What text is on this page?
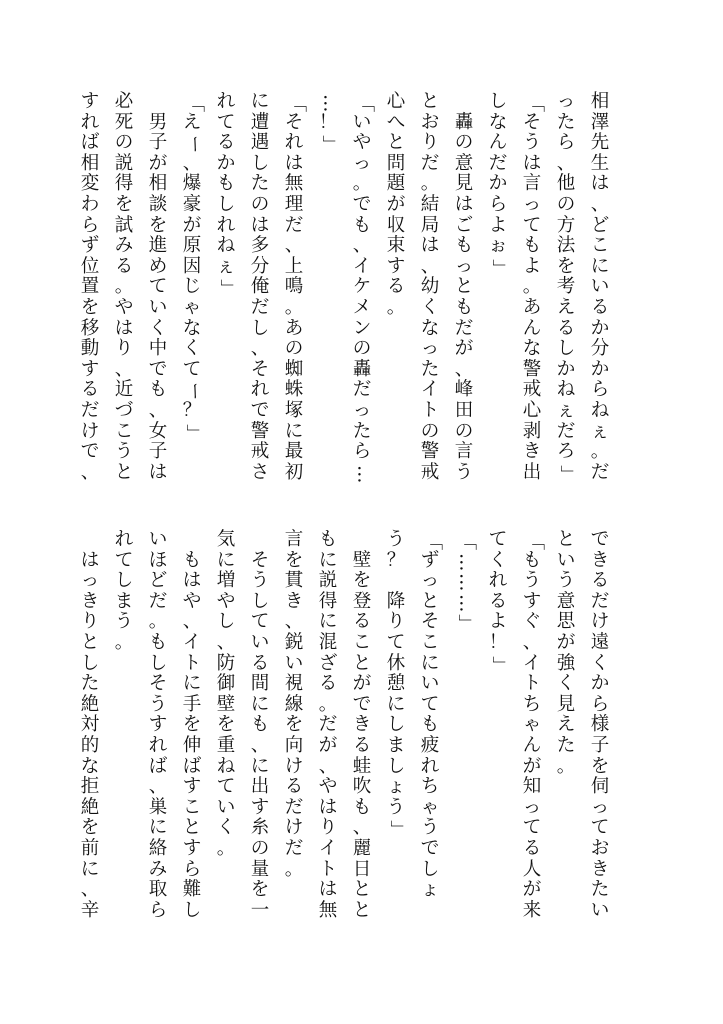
相
澤
先
生
は
、
ど
こ
に
い
る
か
分
か
ら
ね
ぇ
。
だ
っ
た
ら
、
他
の
方
法
を
考
え
る
し
か
ね
ぇ
だ
ろ
」
「
そ
う
は
言
っ
て
も
よ
。
あ
ん
な
警
戒
心
剥
き
出
し
な
ん
だ
か
ら
よ
ぉ
」

轟
の
意
見
は
ご
も
っ
と
も
だ
が
、
峰
田
の
言
う
と
お
り
だ
。
結
局
は
、
幼
く
な
っ
た
イ
ト
の
警
戒
心
へ
と
問
題
が
収
束
す
る
。
「
い
や
っ
。
で
も
、
イ
ケ
メ
ン
の
轟
だ
っ
た
ら
…
…
！
」
「
そ
れ
は
無
理
だ
、
上
鳴
。
あ
の
蜘
蛛
塚
に
最
初
に
遭
遇
し
た
の
は
多
分
俺
だ
し
、
そ
れ
で
警
戒
さ
れ
て
る
か
も
し
れ
ね
ぇ
」
「
え
ー
、
爆
豪
が
原
因
じ
ゃ
な
く
て
ー
？
」

男
子
が
相
談
を
進
め
て
い
く
中
で
も
、
女
子
は
必
死
の
説
得
を
試
み
る
。
や
は
り
、
近
づ
こ
う
と
す
れ
ば
相
変
わ
ら
ず
位
置
を
移
動
す
る
だ
け
で
、
で
き
る
だ
け
遠
く
か
ら
様
子
を
伺
っ
て
お
き
た
い
と
い
う
意
思
が
強
く
見
え
た
。
「
も
う
す
ぐ
、
イ
ト
ち
ゃ
ん
が
知
っ
て
る
人
が
来
て
く
れ
る
よ
！
」
「
…
…
…
」
「
ず
っ
と
そ
こ
に
い
て
も
疲
れ
ち
ゃ
う
で
し
ょ
う
？

降
り
て
休
憩
に
し
ま
し
ょ
う
」

壁
を
登
る
こ
と
が
で
き
る
蛙
吹
も
、
麗
日
と
と
も
に
説
得
に
混
ざ
る
。
だ
が
、
や
は
り
イ
ト
は
無
言
を
貫
き
、
鋭
い
視
線
を
向
け
る
だ
け
だ
。

そ
う
し
て
い
る
間
に
も
、
に
出
す
糸
の
量
を
一
気
に
増
や
し
、
防
御
壁
を
重
ね
て
い
く
。

も
は
や
、
イ
ト
に
手
を
伸
ば
す
こ
と
す
ら
難
し
い
ほ
ど
だ
。
も
し
そ
う
す
れ
ば
、
巣
に
絡
み
取
ら
れ
て
し
ま
う
。

は
っ
き
り
と
し
た
絶
対
的
な
拒
絶
を
前
に
、
辛
